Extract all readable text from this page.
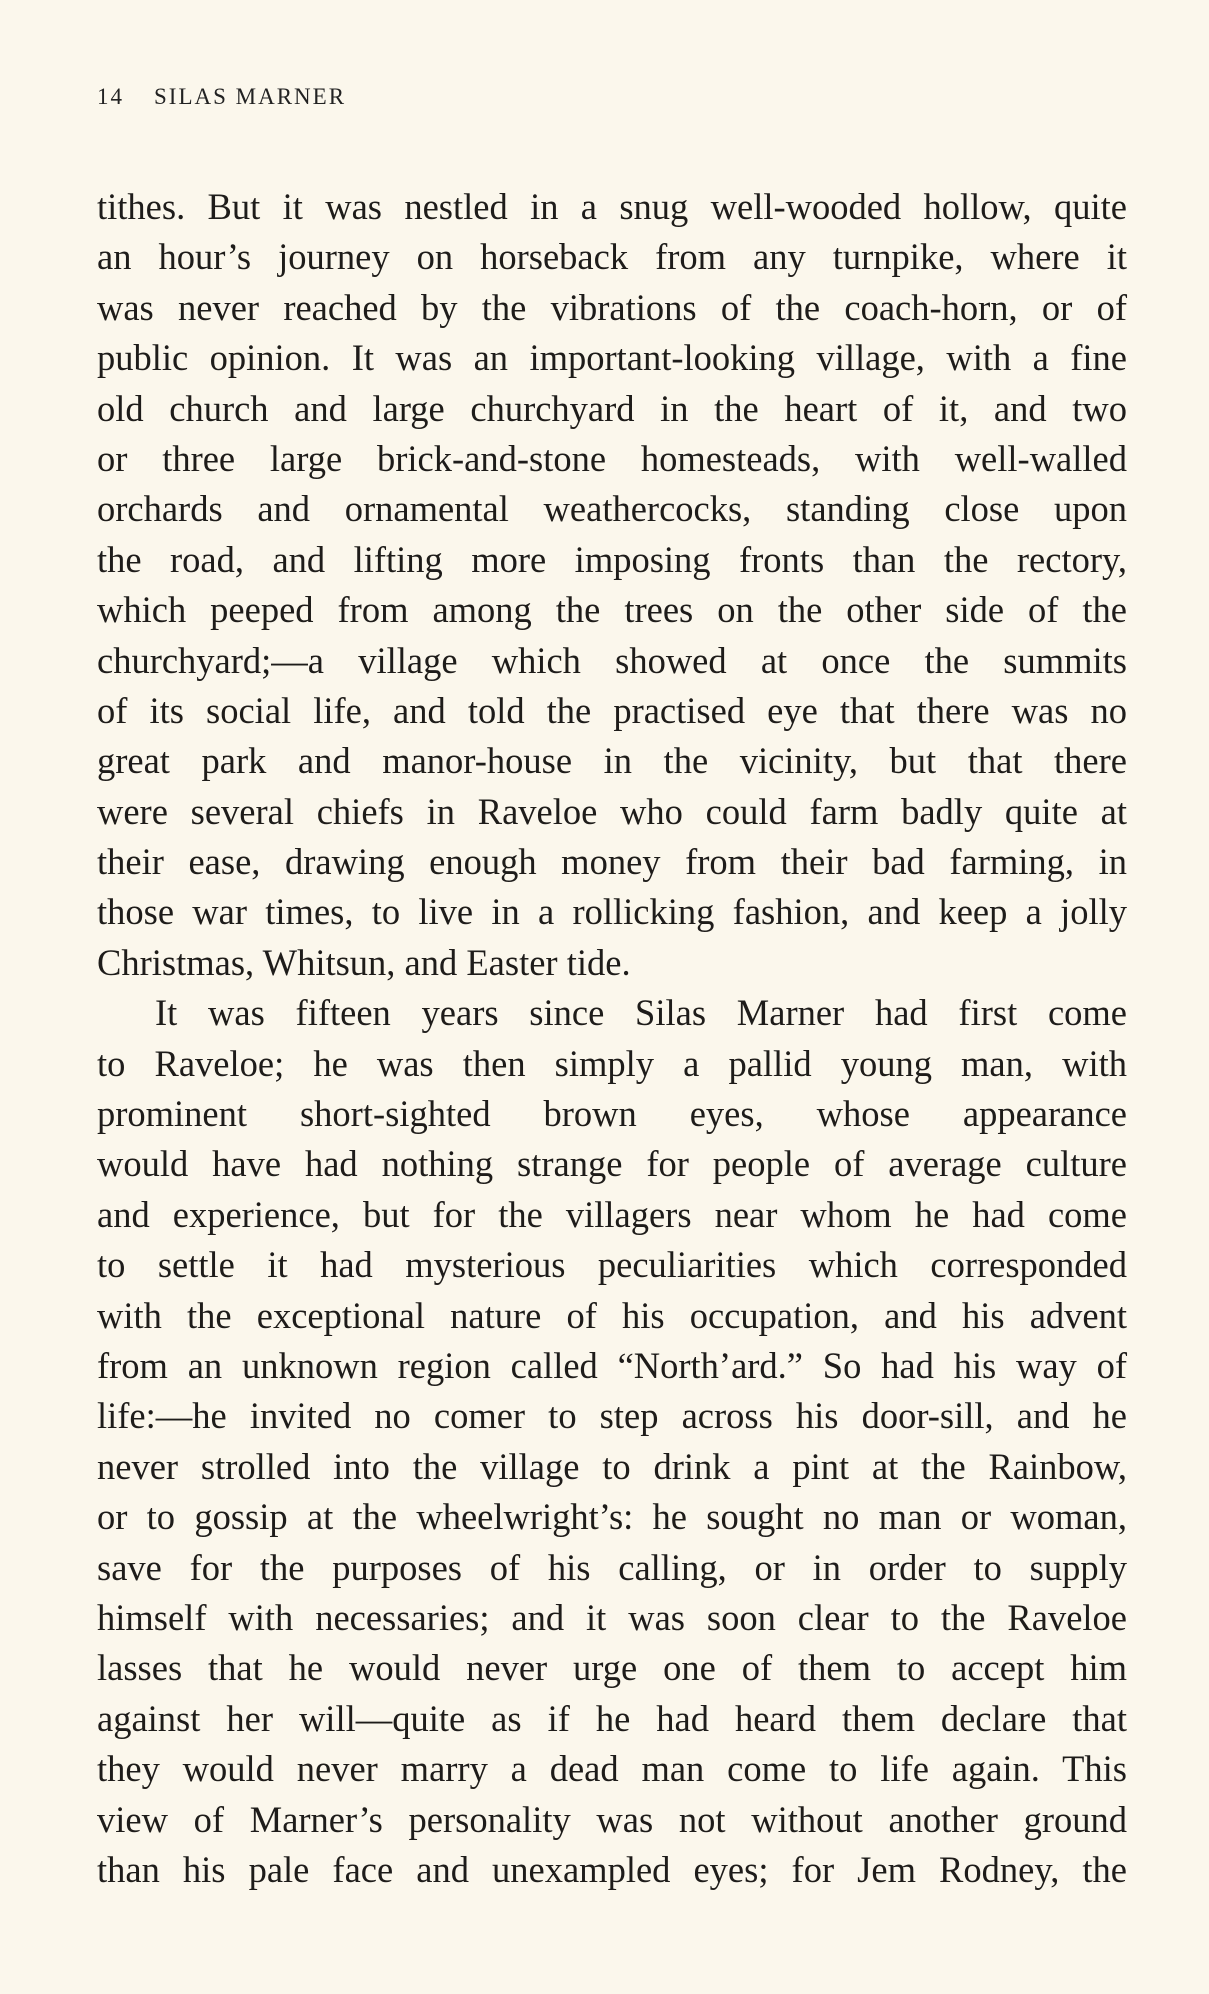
14 SILAS MARNER
tithes. But it was nestled in a snug well-wooded hollow, quite
an hour’s journey on horseback from any turnpike, where it
was never reached by the vibrations of the coach-horn, or of
public opinion. It was an important-looking village, with a fine
old church and large churchyard in the heart of it, and two
or three large brick-and-stone homesteads, with well-walled
orchards and ornamental weathercocks, standing close upon
the road, and lifting more imposing fronts than the rectory,
which peeped from among the trees on the other side of the
churchyard;—a village which showed at once the summits
of its social life, and told the practised eye that there was no
great park and manor-house in the vicinity, but that there
were several chiefs in Raveloe who could farm badly quite at
their ease, drawing enough money from their bad farming, in
those war times, to live in a rollicking fashion, and keep a jolly
Christmas, Whitsun, and Easter tide.
It was fifteen years since Silas Marner had first come
to Raveloe; he was then simply a pallid young man, with
prominent short-sighted brown eyes, whose appearance
would have had nothing strange for people of average culture
and experience, but for the villagers near whom he had come
to settle it had mysterious peculiarities which corresponded
with the exceptional nature of his occupation, and his advent
from an unknown region called “North’ard.” So had his way of
life:—he invited no comer to step across his door-sill, and he
never strolled into the village to drink a pint at the Rainbow,
or to gossip at the wheelwright’s: he sought no man or woman,
save for the purposes of his calling, or in order to supply
himself with necessaries; and it was soon clear to the Raveloe
lasses that he would never urge one of them to accept him
against her will—quite as if he had heard them declare that
they would never marry a dead man come to life again. This
view of Marner’s personality was not without another ground
than his pale face and unexampled eyes; for Jem Rodney, the
